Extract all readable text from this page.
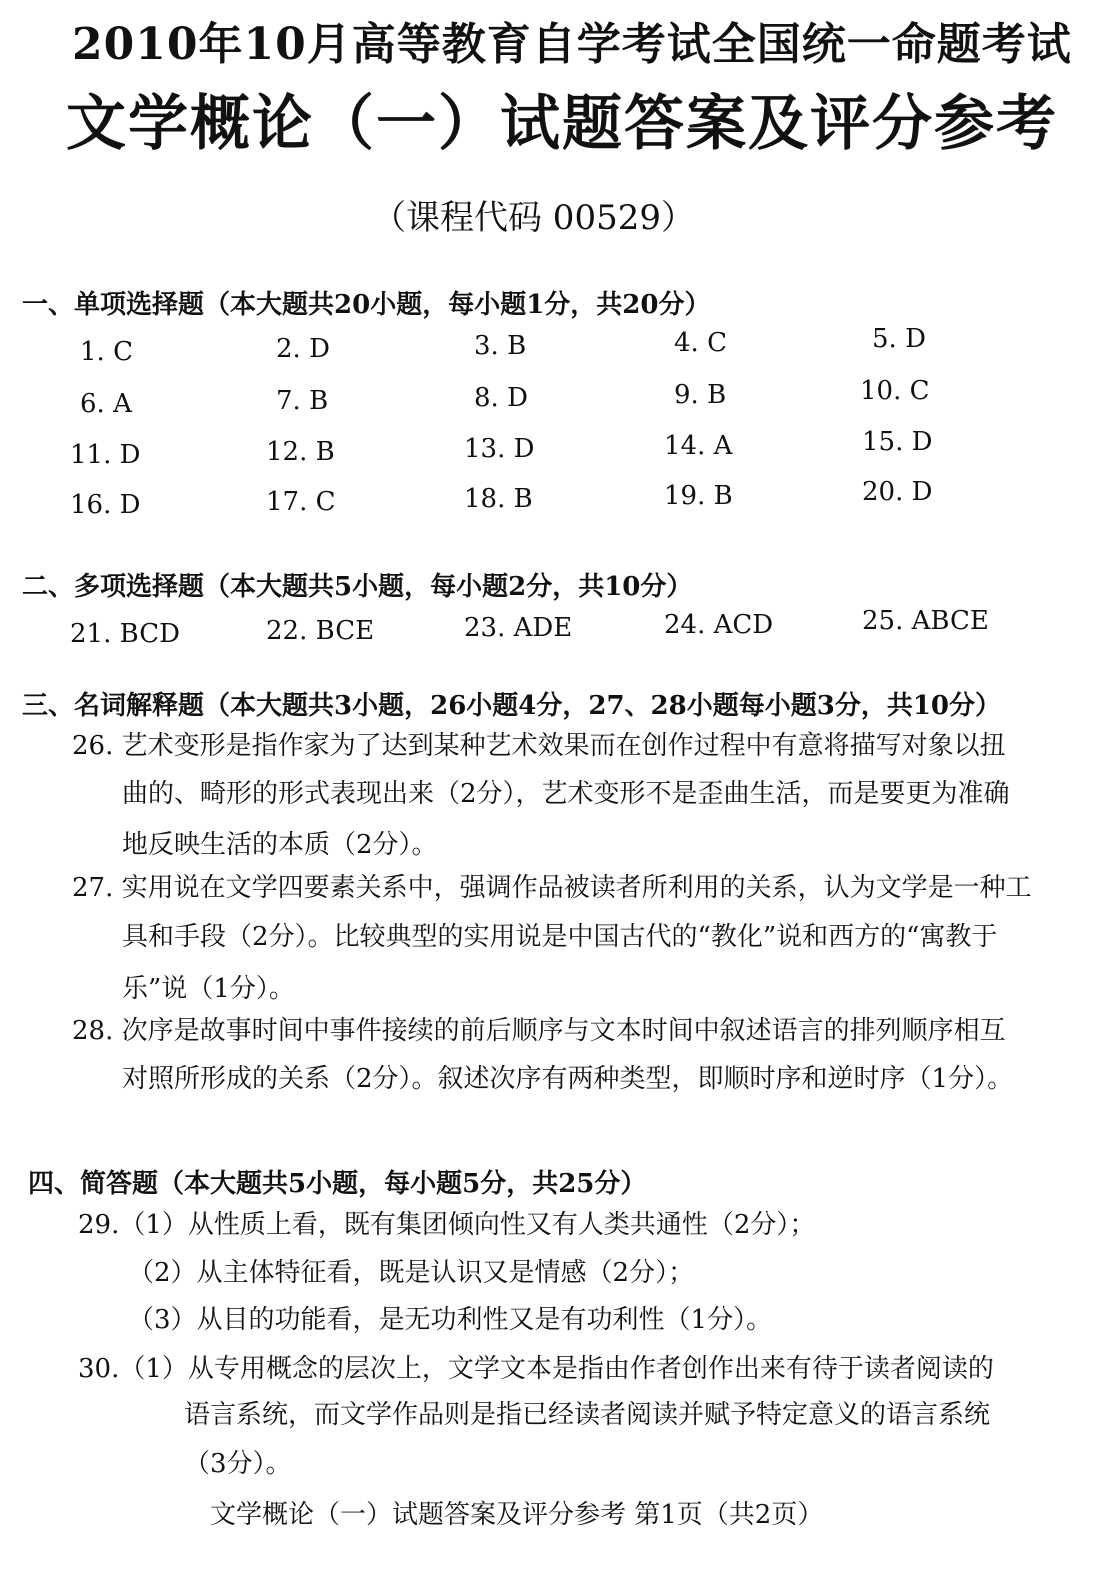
2010年10月高等教育自学考试全国统一命题考试
文学概论（一）试题答案及评分参考
（课程代码 00529）
一、单项选择题（本大题共20小题，每小题1分，共20分）
1. C	2. D	3. B	4. C	5. D
6. A	7. B	8. D	9. B	10. C
11. D	12. B	13. D	14. A	15. D
16. D	17. C	18. B	19. B	20. D
二、多项选择题（本大题共5小题，每小题2分，共10分）
21. BCD	22. BCE	23. ADE	24. ACD	25. ABCE
三、名词解释题（本大题共3小题，26小题4分，27、28小题每小题3分，共10分）
26. 艺术变形是指作家为了达到某种艺术效果而在创作过程中有意将描写对象以扭
曲的、畸形的形式表现出来（2分），艺术变形不是歪曲生活，而是要更为准确
地反映生活的本质（2分）。
27. 实用说在文学四要素关系中，强调作品被读者所利用的关系，认为文学是一种工
具和手段（2分）。比较典型的实用说是中国古代的“教化”说和西方的“寓教于
乐”说（1分）。
28. 次序是故事时间中事件接续的前后顺序与文本时间中叙述语言的排列顺序相互
对照所形成的关系（2分）。叙述次序有两种类型，即顺时序和逆时序（1分）。
四、简答题（本大题共5小题，每小题5分，共25分）
29.（1）从性质上看，既有集团倾向性又有人类共通性（2分）；
（2）从主体特征看，既是认识又是情感（2分）；
（3）从目的功能看，是无功利性又是有功利性（1分）。
30.（1）从专用概念的层次上，文学文本是指由作者创作出来有待于读者阅读的
语言系统，而文学作品则是指已经读者阅读并赋予特定意义的语言系统
（3分）。
文学概论（一）试题答案及评分参考 第1页（共2页）
